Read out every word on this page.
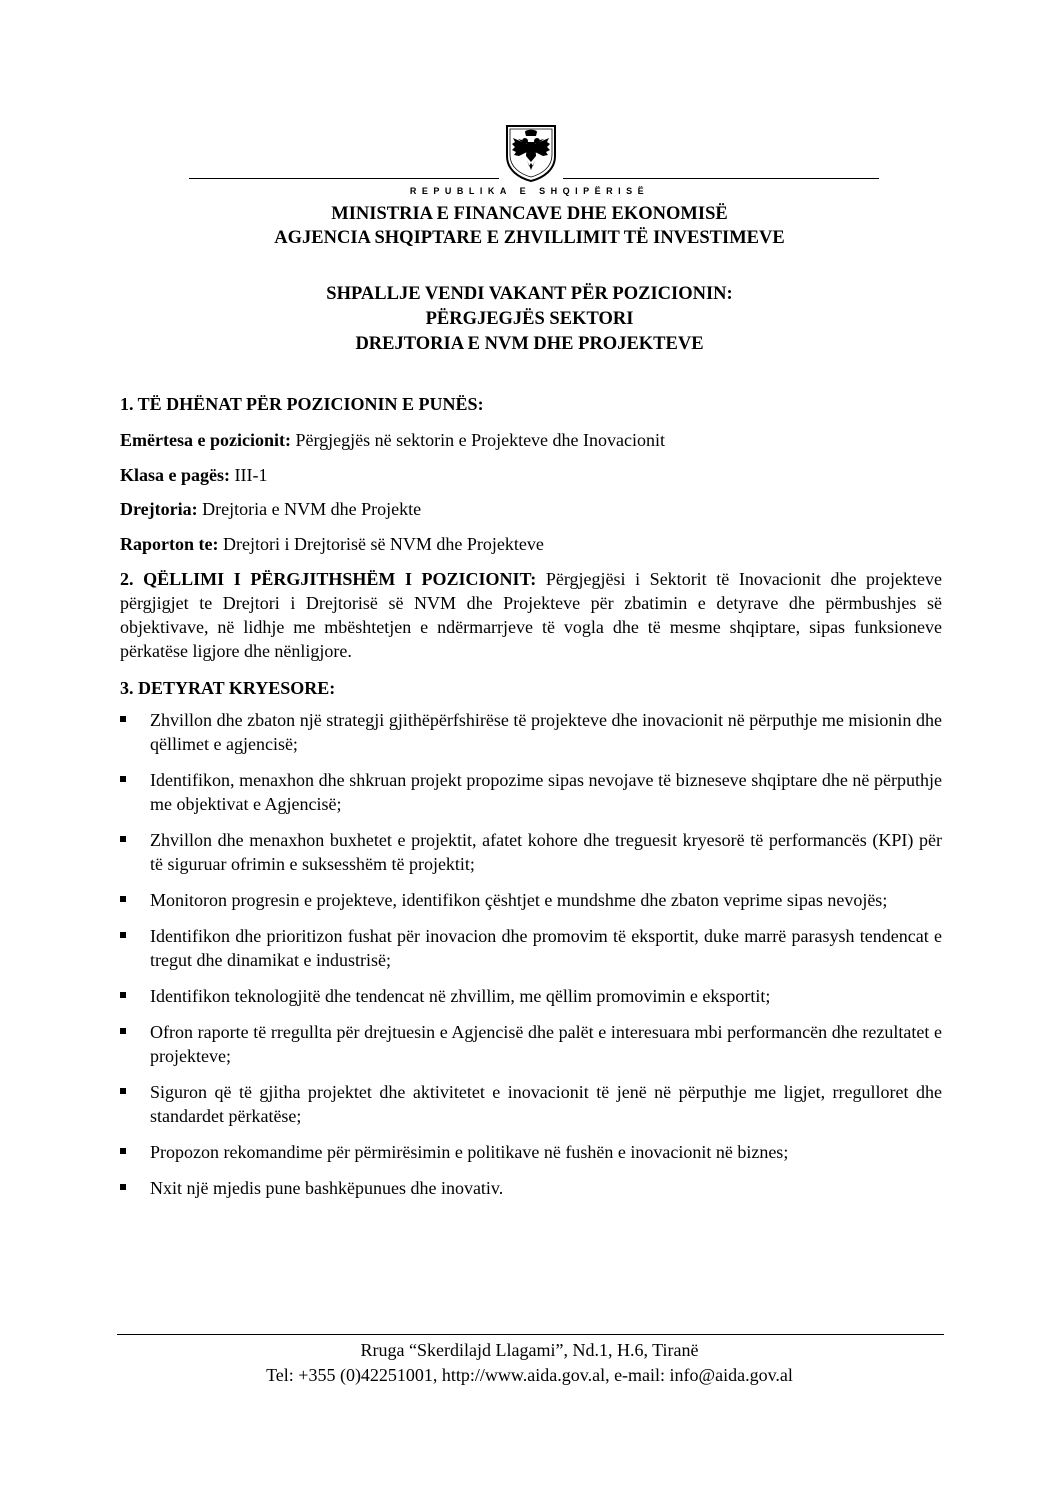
REPUBLIKA E SHQIPËRISË
MINISTRIA E FINANCAVE DHE EKONOMISË
AGJENCIA SHQIPTARE E ZHVILLIMIT TË INVESTIMEVE
SHPALLJE VENDI VAKANT PËR POZICIONIN:
PËRGJEGJËS SEKTORI
DREJTORIA E NVM DHE PROJEKTEVE
1. TË DHËNAT PËR POZICIONIN E PUNËS:
Emërtesa e pozicionit: Përgjegjës në sektorin e Projekteve dhe Inovacionit
Klasa e pagës: III-1
Drejtoria: Drejtoria e NVM dhe Projekte
Raporton te: Drejtori i Drejtorisë së NVM dhe Projekteve
2. QËLLIMI I PËRGJITHSHËM I POZICIONIT: Përgjegjësi i Sektorit të Inovacionit dhe projekteve përgjigjet te Drejtori i Drejtorisë së NVM dhe Projekteve për zbatimin e detyrave dhe përmbushjes së objektivave, në lidhje me mbështetjen e ndërmarrjeve të vogla dhe të mesme shqiptare, sipas funksioneve përkatëse ligjore dhe nënligjore.
3. DETYRAT KRYESORE:
Zhvillon dhe zbaton një strategji gjithëpërfshirëse të projekteve dhe inovacionit në përputhje me misionin dhe qëllimet e agjencisë;
Identifikon, menaxhon dhe shkruan projekt propozime sipas nevojave të bizneseve shqiptare dhe në përputhje me objektivat e Agjencisë;
Zhvillon dhe menaxhon buxhetet e projektit, afatet kohore dhe treguesit kryesorë të performancës (KPI) për të siguruar ofrimin e suksesshëm të projektit;
Monitoron progresin e projekteve, identifikon çështjet e mundshme dhe zbaton veprime sipas nevojës;
Identifikon dhe prioritizon fushat për inovacion dhe promovim të eksportit, duke marrë parasysh tendencat e tregut dhe dinamikat e industrisë;
Identifikon teknologjitë dhe tendencat në zhvillim, me qëllim promovimin e eksportit;
Ofron raporte të rregullta për drejtuesin e Agjencisë dhe palët e interesuara mbi performancën dhe rezultatet e projekteve;
Siguron që të gjitha projektet dhe aktivitetet e inovacionit të jenë në përputhje me ligjet, rregulloret dhe standardet përkatëse;
Propozon rekomandime për përmirësimin e politikave në fushën e inovacionit në biznes;
Nxit një mjedis pune bashkëpunues dhe inovativ.
Rruga “Skerdilajd Llagami”, Nd.1, H.6, Tiranë
Tel: +355 (0)42251001, http://www.aida.gov.al, e-mail: info@aida.gov.al
